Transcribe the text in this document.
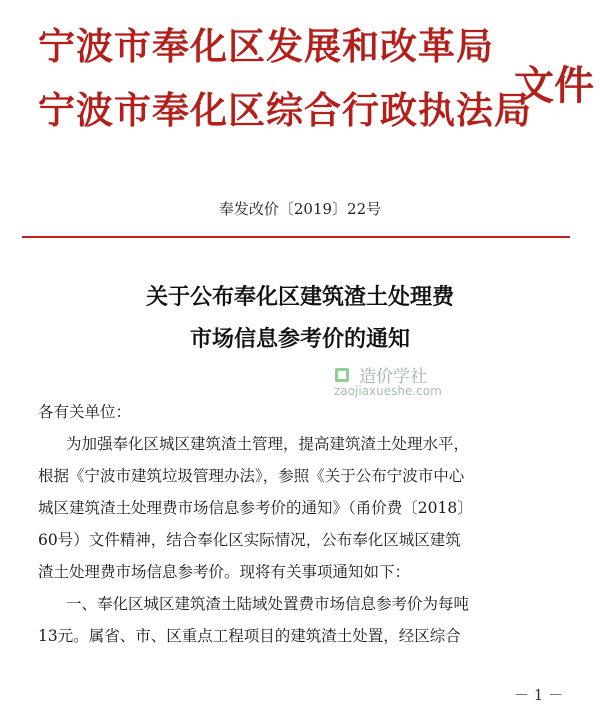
宁波市奉化区发展和改革局
宁波市奉化区综合行政执法局
文件
奉发改价〔2019〕22号
关于公布奉化区建筑渣土处理费
市场信息参考价的通知
造价学社
zaojiaxueshe.com
各有关单位：
为加强奉化区城区建筑渣土管理，提高建筑渣土处理水平，
根据《宁波市建筑垃圾管理办法》，参照《关于公布宁波市中心
城区建筑渣土处理费市场信息参考价的通知》（甬价费〔2018〕
60号）文件精神，结合奉化区实际情况，公布奉化区城区建筑
渣土处理费市场信息参考价。现将有关事项通知如下：
一、奉化区城区建筑渣土陆域处置费市场信息参考价为每吨
13元。属省、市、区重点工程项目的建筑渣土处置，经区综合
－ 1 －
